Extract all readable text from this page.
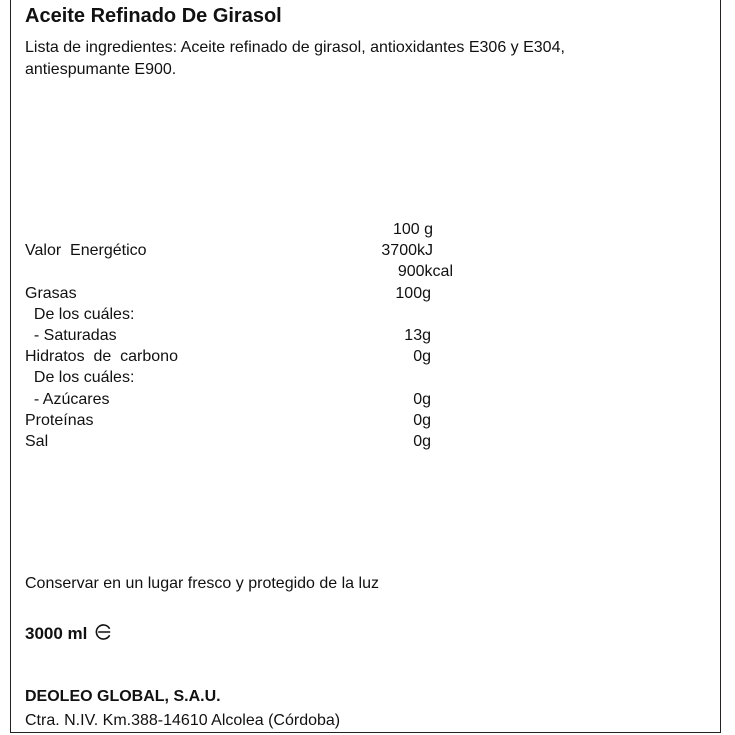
Aceite Refinado De Girasol
Lista de ingredientes: Aceite refinado de girasol, antioxidantes E306 y E304,
antiespumante E900.
100 g
Valor  Energético	3700kJ
900kcal
Grasas	100g
De los cuáles:
- Saturadas	13g
Hidratos  de  carbono	0g
De los cuáles:
- Azúcares	0g
Proteínas	0g
Sal	0g
Conservar en un lugar fresco y protegido de la luz
3000 ml
DEOLEO GLOBAL, S.A.U.
Ctra. N.IV. Km.388-14610 Alcolea (Córdoba)
